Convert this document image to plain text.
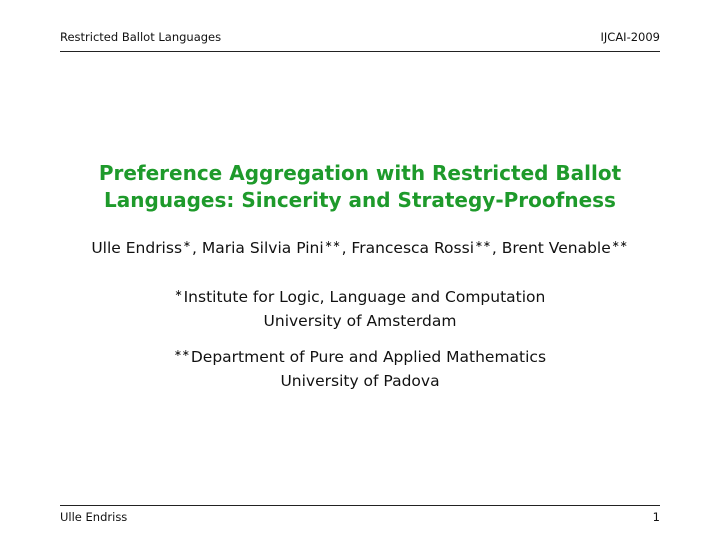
Restricted Ballot Languages	IJCAI-2009
Preference Aggregation with Restricted Ballot
Languages: Sincerity and Strategy-Proofness
Ulle Endriss∗, Maria Silvia Pini∗∗, Francesca Rossi∗∗, Brent Venable∗∗
∗Institute for Logic, Language and Computation
University of Amsterdam
∗∗Department of Pure and Applied Mathematics
University of Padova
Ulle Endriss	1
